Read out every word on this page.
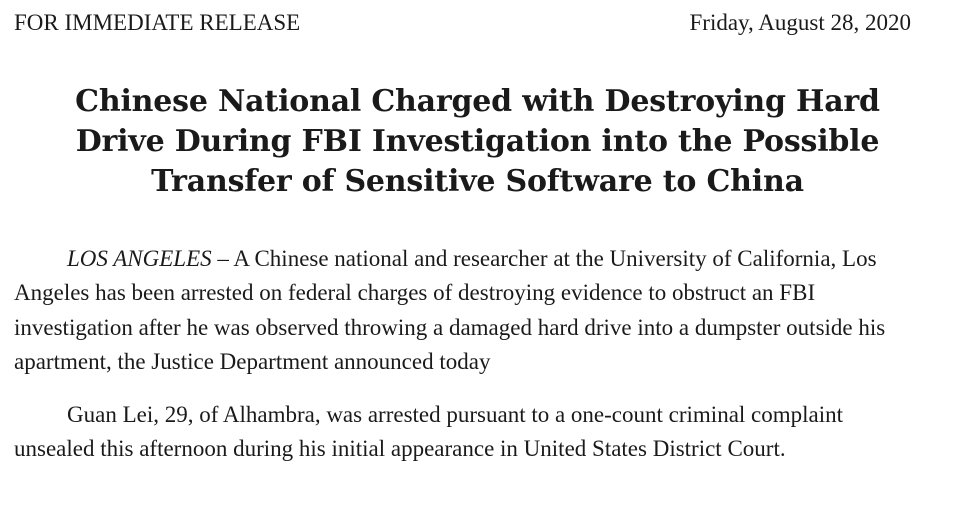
FOR IMMEDIATE RELEASE	Friday, August 28, 2020
Chinese National Charged with Destroying Hard
Drive During FBI Investigation into the Possible
Transfer of Sensitive Software to China

LOS ANGELES – A Chinese national and researcher at the University of California, Los Angeles has been arrested on federal charges of destroying evidence to obstruct an FBI investigation after he was observed throwing a damaged hard drive into a dumpster outside his apartment, the Justice Department announced today

Guan Lei, 29, of Alhambra, was arrested pursuant to a one-count criminal complaint unsealed this afternoon during his initial appearance in United States District Court.
